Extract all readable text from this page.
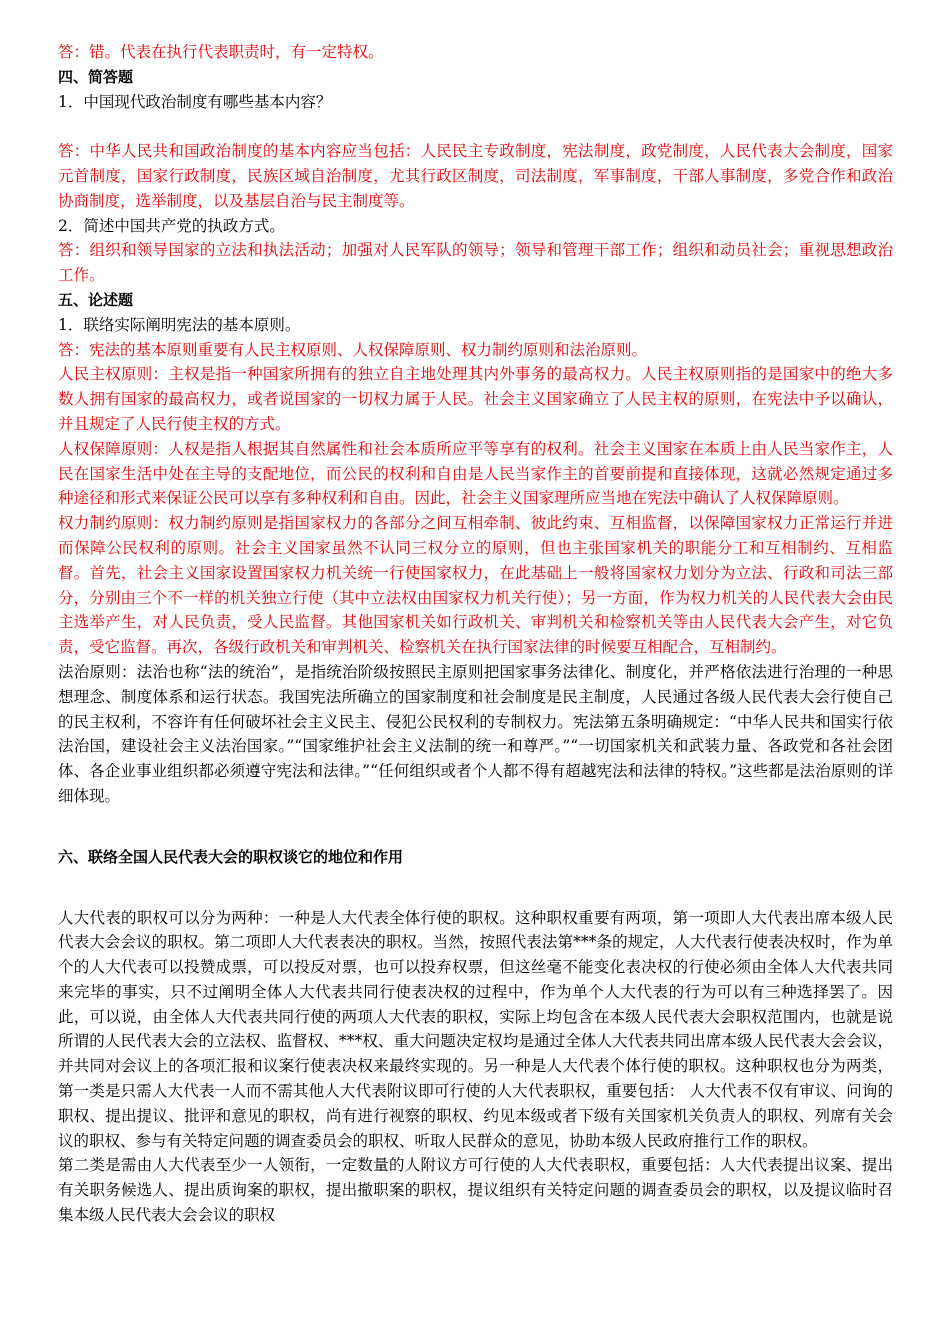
答：错。代表在执行代表职责时，有一定特权。

四、简答题

1．中国现代政治制度有哪些基本内容？

答：中华人民共和国政治制度的基本内容应当包括：人民民主专政制度，宪法制度，政党制度，人民代表大会制度，国家元首制度，国家行政制度，民族区域自治制度，尤其行政区制度，司法制度，军事制度，干部人事制度，多党合作和政治协商制度，选举制度，以及基层自治与民主制度等。

2．简述中国共产党的执政方式。

答：组织和领导国家的立法和执法活动；加强对人民军队的领导；领导和管理干部工作；组织和动员社会；重视思想政治工作。

五、论述题

1．联络实际阐明宪法的基本原则。

答：宪法的基本原则重要有人民主权原则、人权保障原则、权力制约原则和法治原则。

人民主权原则：主权是指一种国家所拥有的独立自主地处理其内外事务的最高权力。人民主权原则指的是国家中的绝大多数人拥有国家的最高权力，或者说国家的一切权力属于人民。社会主义国家确立了人民主权的原则，在宪法中予以确认，并且规定了人民行使主权的方式。

人权保障原则：人权是指人根据其自然属性和社会本质所应平等享有的权利。社会主义国家在本质上由人民当家作主，人民在国家生活中处在主导的支配地位，而公民的权利和自由是人民当家作主的首要前提和直接体现，这就必然规定通过多种途径和形式来保证公民可以享有多种权利和自由。因此，社会主义国家理所应当地在宪法中确认了人权保障原则。

权力制约原则：权力制约原则是指国家权力的各部分之间互相牵制、彼此约束、互相监督，以保障国家权力正常运行并进而保障公民权利的原则。社会主义国家虽然不认同三权分立的原则，但也主张国家机关的职能分工和互相制约、互相监督。首先，社会主义国家设置国家权力机关统一行使国家权力，在此基础上一般将国家权力划分为立法、行政和司法三部分，分别由三个不一样的机关独立行使（其中立法权由国家权力机关行使）；另一方面，作为权力机关的人民代表大会由民主选举产生，对人民负责，受人民监督。其他国家机关如行政机关、审判机关和检察机关等由人民代表大会产生，对它负责，受它监督。再次，各级行政机关和审判机关、检察机关在执行国家法律的时候要互相配合，互相制约。

法治原则：法治也称“法的统治”，是指统治阶级按照民主原则把国家事务法律化、制度化，并严格依法进行治理的一种思想理念、制度体系和运行状态。我国宪法所确立的国家制度和社会制度是民主制度，人民通过各级人民代表大会行使自己的民主权利，不容许有任何破坏社会主义民主、侵犯公民权利的专制权力。宪法第五条明确规定：“中华人民共和国实行依法治国，建设社会主义法治国家。”“国家维护社会主义法制的统一和尊严。”“一切国家机关和武装力量、各政党和各社会团体、各企业事业组织都必须遵守宪法和法律。”“任何组织或者个人都不得有超越宪法和法律的特权。”这些都是法治原则的详细体现。

六、联络全国人民代表大会的职权谈它的地位和作用

人大代表的职权可以分为两种：一种是人大代表全体行使的职权。这种职权重要有两项，第一项即人大代表出席本级人民代表大会会议的职权。第二项即人大代表表决的职权。当然，按照代表法第***条的规定，人大代表行使表决权时，作为单个的人大代表可以投赞成票，可以投反对票，也可以投弃权票，但这丝毫不能变化表决权的行使必须由全体人大代表共同来完毕的事实，只不过阐明全体人大代表共同行使表决权的过程中，作为单个人大代表的行为可以有三种选择罢了。因此，可以说，由全体人大代表共同行使的两项人大代表的职权，实际上均包含在本级人民代表大会职权范围内，也就是说所谓的人民代表大会的立法权、监督权、***权、重大问题决定权均是通过全体人大代表共同出席本级人民代表大会会议，并共同对会议上的各项汇报和议案行使表决权来最终实现的。另一种是人大代表个体行使的职权。这种职权也分为两类，第一类是只需人大代表一人而不需其他人大代表附议即可行使的人大代表职权，重要包括： 人大代表不仅有审议、问询的职权、提出提议、批评和意见的职权，尚有进行视察的职权、约见本级或者下级有关国家机关负责人的职权、列席有关会议的职权、参与有关特定问题的调查委员会的职权、听取人民群众的意见，协助本级人民政府推行工作的职权。

第二类是需由人大代表至少一人领衔，一定数量的人附议方可行使的人大代表职权，重要包括：人大代表提出议案、提出有关职务候选人、提出质询案的职权，提出撤职案的职权，提议组织有关特定问题的调查委员会的职权，以及提议临时召集本级人民代表大会会议的职权
